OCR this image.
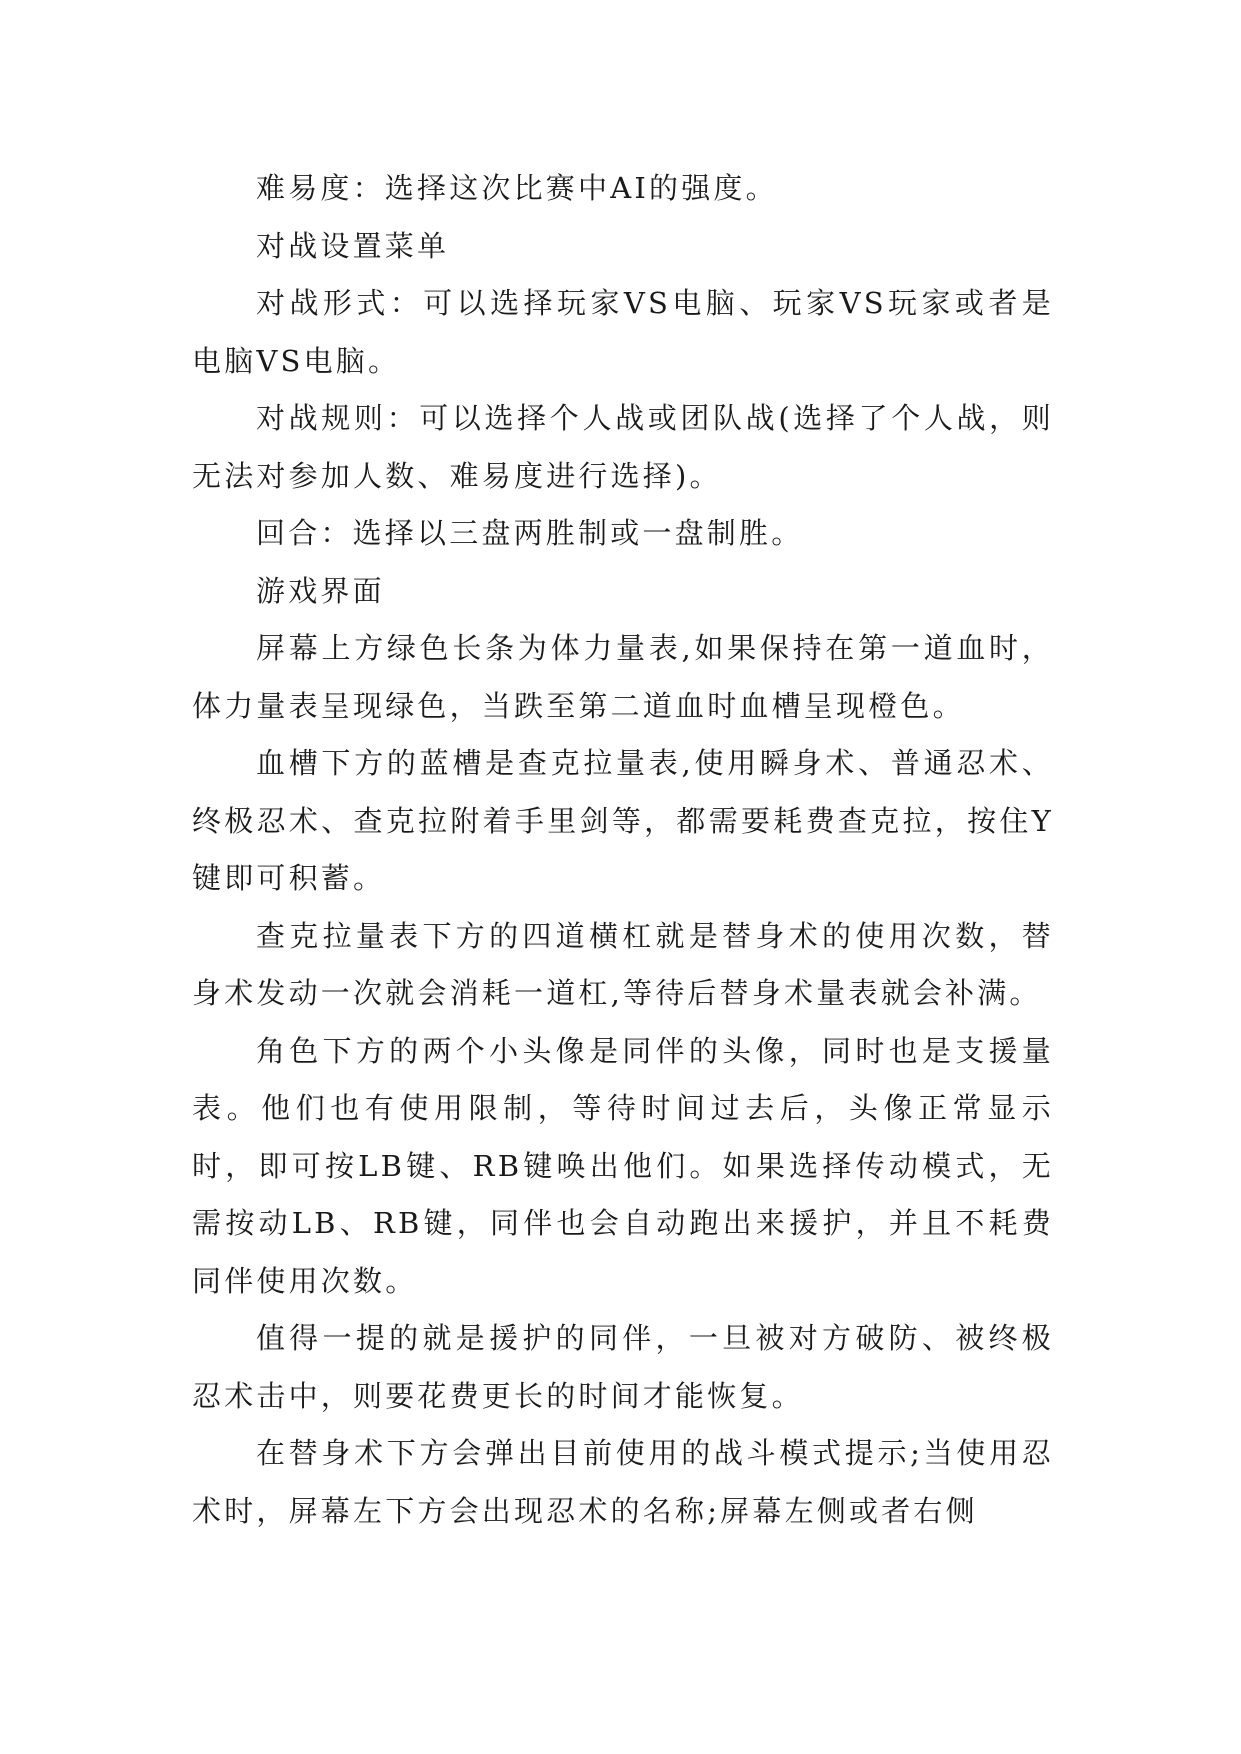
难易度：选择这次比赛中AI的强度。

对战设置菜单

对战形式：可以选择玩家VS电脑、玩家VS玩家或者是电脑VS电脑。

对战规则：可以选择个人战或团队战(选择了个人战，则无法对参加人数、难易度进行选择)。

回合：选择以三盘两胜制或一盘制胜。

游戏界面

屏幕上方绿色长条为体力量表,如果保持在第一道血时，体力量表呈现绿色，当跌至第二道血时血槽呈现橙色。

血槽下方的蓝槽是查克拉量表,使用瞬身术、普通忍术、终极忍术、查克拉附着手里剑等，都需要耗费查克拉，按住Y键即可积蓄。

查克拉量表下方的四道横杠就是替身术的使用次数，替身术发动一次就会消耗一道杠,等待后替身术量表就会补满。

角色下方的两个小头像是同伴的头像，同时也是支援量表。他们也有使用限制，等待时间过去后，头像正常显示时，即可按LB键、RB键唤出他们。如果选择传动模式，无需按动LB、RB键，同伴也会自动跑出来援护，并且不耗费同伴使用次数。

值得一提的就是援护的同伴，一旦被对方破防、被终极忍术击中，则要花费更长的时间才能恢复。

在替身术下方会弹出目前使用的战斗模式提示;当使用忍术时，屏幕左下方会出现忍术的名称;屏幕左侧或者右侧
